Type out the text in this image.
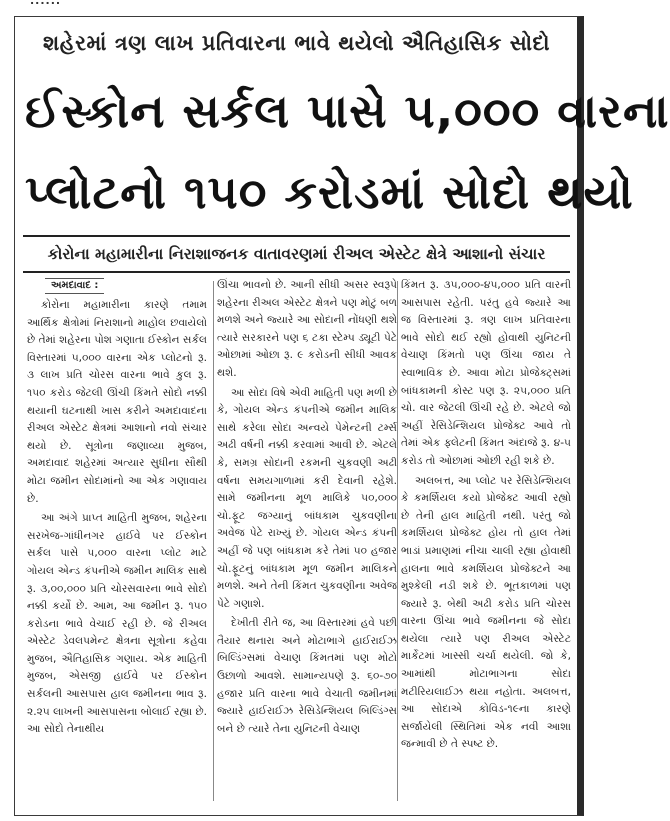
......
શહેરમાં ત્રણ લાખ પ્રતિવારના ભાવે થયેલો ઐતિહાસિક સોદો
ઈસ્કોન સર્કલ પાસે ૫,૦૦૦ વારના
પ્લોટનો ૧૫૦ કરોડમાં સોદો થયો
કોરોના મહામારીના નિરાશાજનક વાતાવરણમાં રીઅલ એસ્ટેટ ક્ષેત્રે આશાનો સંચાર
અમદાવાદ :

કોરોના મહામારીના કારણે તમામ આર્થિક ક્ષેત્રોમાં નિરાશાનો માહોલ છવાયેલો છે તેમાં શહેરના પોશ ગણાતા ઈસ્કોન સર્કલ વિસ્તારમાં ૫,૦૦૦ વારના એક પ્લોટનો રૂ. ૩ લાખ પ્રતિ ચોરસ વારના ભાવે કુલ રૂ. ૧૫૦ કરોડ જેટલી ઊંચી કિંમતે સોદો નક્કી થયાની ઘટનાથી ખાસ કરીને અમદાવાદના રીઅલ એસ્ટેટ ક્ષેત્રમાં આશાનો નવો સંચાર થયો છે. સૂત્રોના જણાવ્યા મુજબ, અમદાવાદ શહેરમાં અત્યાર સુધીના સૌથી મોટા જમીન સોદામાંનો આ એક ગણાવાય છે.

આ અંગે પ્રાપ્ત માહિતી મુજબ, શહેરના સરખેજ-ગાંધીનગર હાઈવે પર ઈસ્કોન સર્કલ પાસે ૫,૦૦૦ વારના પ્લોટ માટે ગોયલ એન્ડ કંપનીએ જમીન માલિક સાથે રૂ. ૩,૦૦,૦૦૦ પ્રતિ ચોરસવારના ભાવે સોદો નક્કી કર્યો છે. આમ, આ જમીન રૂ. ૧૫૦ કરોડના ભાવે વેચાઈ રહી છે. જે રીઅલ એસ્ટેટ ડેવલપમેન્ટ ક્ષેત્રના સૂત્રોના કહેવા મુજબ, ઐતિહાસિક ગણાય. એક માહિતી મુજબ, એસજી હાઈવે પર ઈસ્કોન સર્કલની આસપાસ હાલ જમીનના ભાવ રૂ. ૨.૨૫ લાખની આસપાસના બોલાઈ રહ્યા છે. આ સોદો તેનાથીય

ઊંચા ભાવનો છે. આની સીધી અસર સ્વરૂપે શહેરના રીઅલ એસ્ટેટ ક્ષેત્રને પણ મોટું બળ મળશે અને જ્યારે આ સોદાની નોંધણી થશે ત્યારે સરકારને પણ ૬ ટકા સ્ટેમ્પ ડ્યૂટી પેટે ઓછામાં ઓછા રૂ. ૯ કરોડની સીધી આવક થશે.

આ સોદા વિષે એવી માહિતી પણ મળી છે કે, ગોયલ એન્ડ કંપનીએ જમીન માલિક સાથે કરેલા સોદા અન્વયે પેમેન્ટની ટર્મ્સ અઢી વર્ષની નક્કી કરવામાં આવી છે. એટલે કે, સમગ્ર સોદાની રકમની ચુકવણી અઢી વર્ષના સમયગાળામાં કરી દેવાની રહેશે. સામે જમીનના મૂળ માલિકે ૫૦,૦૦૦ ચો.ફૂટ જગ્યાનું બાંધકામ ચુકવણીના અવેજ પેટે રાખ્યું છે. ગોયલ એન્ડ કંપની અહીં જે પણ બાંધકામ કરે તેમાં ૫૦ હજાર ચો.ફૂટનું બાંધકામ મૂળ જમીન માલિકને મળશે. અને તેની કિંમત ચુકવણીના અવેજ પેટે ગણાશે.

દેખીતી રીતે જ, આ વિસ્તારમાં હવે પછી તૈયાર થનારા અને મોટાભાગે હાઈરાઈઝ બિલ્ડિંગ્સમાં વેચાણ કિંમતમાં પણ મોટો ઉછાળો આવશે. સામાન્યપણે રૂ. ૬૦-૭૦ હજાર પ્રતિ વારના ભાવે વેચાતી જમીનમાં જ્યારે હાઈરાઈઝ રેસિડેન્શિયલ બિલ્ડિંગ્સ બને છે ત્યારે તેના યુનિટની વેચાણ

કિંમત રૂ. ૩૫,૦૦૦-૪૫,૦૦૦ પ્રતિ વારની આસપાસ રહેતી. પરંતુ હવે જ્યારે આ જ વિસ્તારમાં રૂ. ત્રણ લાખ પ્રતિવારના ભાવે સોદો થઈ રહ્યો હોવાથી યુનિટની વેચાણ કિંમતો પણ ઊંચા જાય તે સ્વાભાવિક છે. આવા મોટા પ્રોજેક્ટ્સમાં બાંધકામની કોસ્ટ પણ રૂ. ૨૫,૦૦૦ પ્રતિ ચો. વાર જેટલી ઊંચી રહે છે. એટલે જો અહીં રેસિડેન્શિયલ પ્રોજેક્ટ આવે તો તેમાં એક ફ્લેટની કિંમત અંદાજે રૂ. ૪-૫ કરોડ તો ઓછામાં ઓછી રહી શકે છે.

અલબત્ત, આ પ્લોટ પર રેસિડેન્શિયલ કે કમર્શિયલ કયો પ્રોજેક્ટ આવી રહ્યો છે તેની હાલ માહિતી નથી. પરંતુ જો કમર્શિયલ પ્રોજેક્ટ હોય તો હાલ તેમાં ભાડાં પ્રમાણમાં નીચા ચાલી રહ્યા હોવાથી હાલના ભાવે કમર્શિયલ પ્રોજેક્ટને આ મુશ્કેલી નડી શકે છે. ભૂતકાળમાં પણ જ્યારે રૂ. બેથી અઢી કરોડ પ્રતિ ચોરસ વારના ઊંચા ભાવે જમીનના જે સોદા થયેલા ત્યારે પણ રીઅલ એસ્ટેટ માર્કેટમાં ખાસ્સી ચર્ચા થયેલી. જો કે, આમાંથી મોટાભાગના સોદા મટીરિયલાઈઝ થયા નહોતા. અલબત્ત, આ સોદાએ કોવિડ-૧૯ના કારણે સર્જાયેલી સ્થિતિમાં એક નવી આશા જન્માવી છે તે સ્પષ્ટ છે.
